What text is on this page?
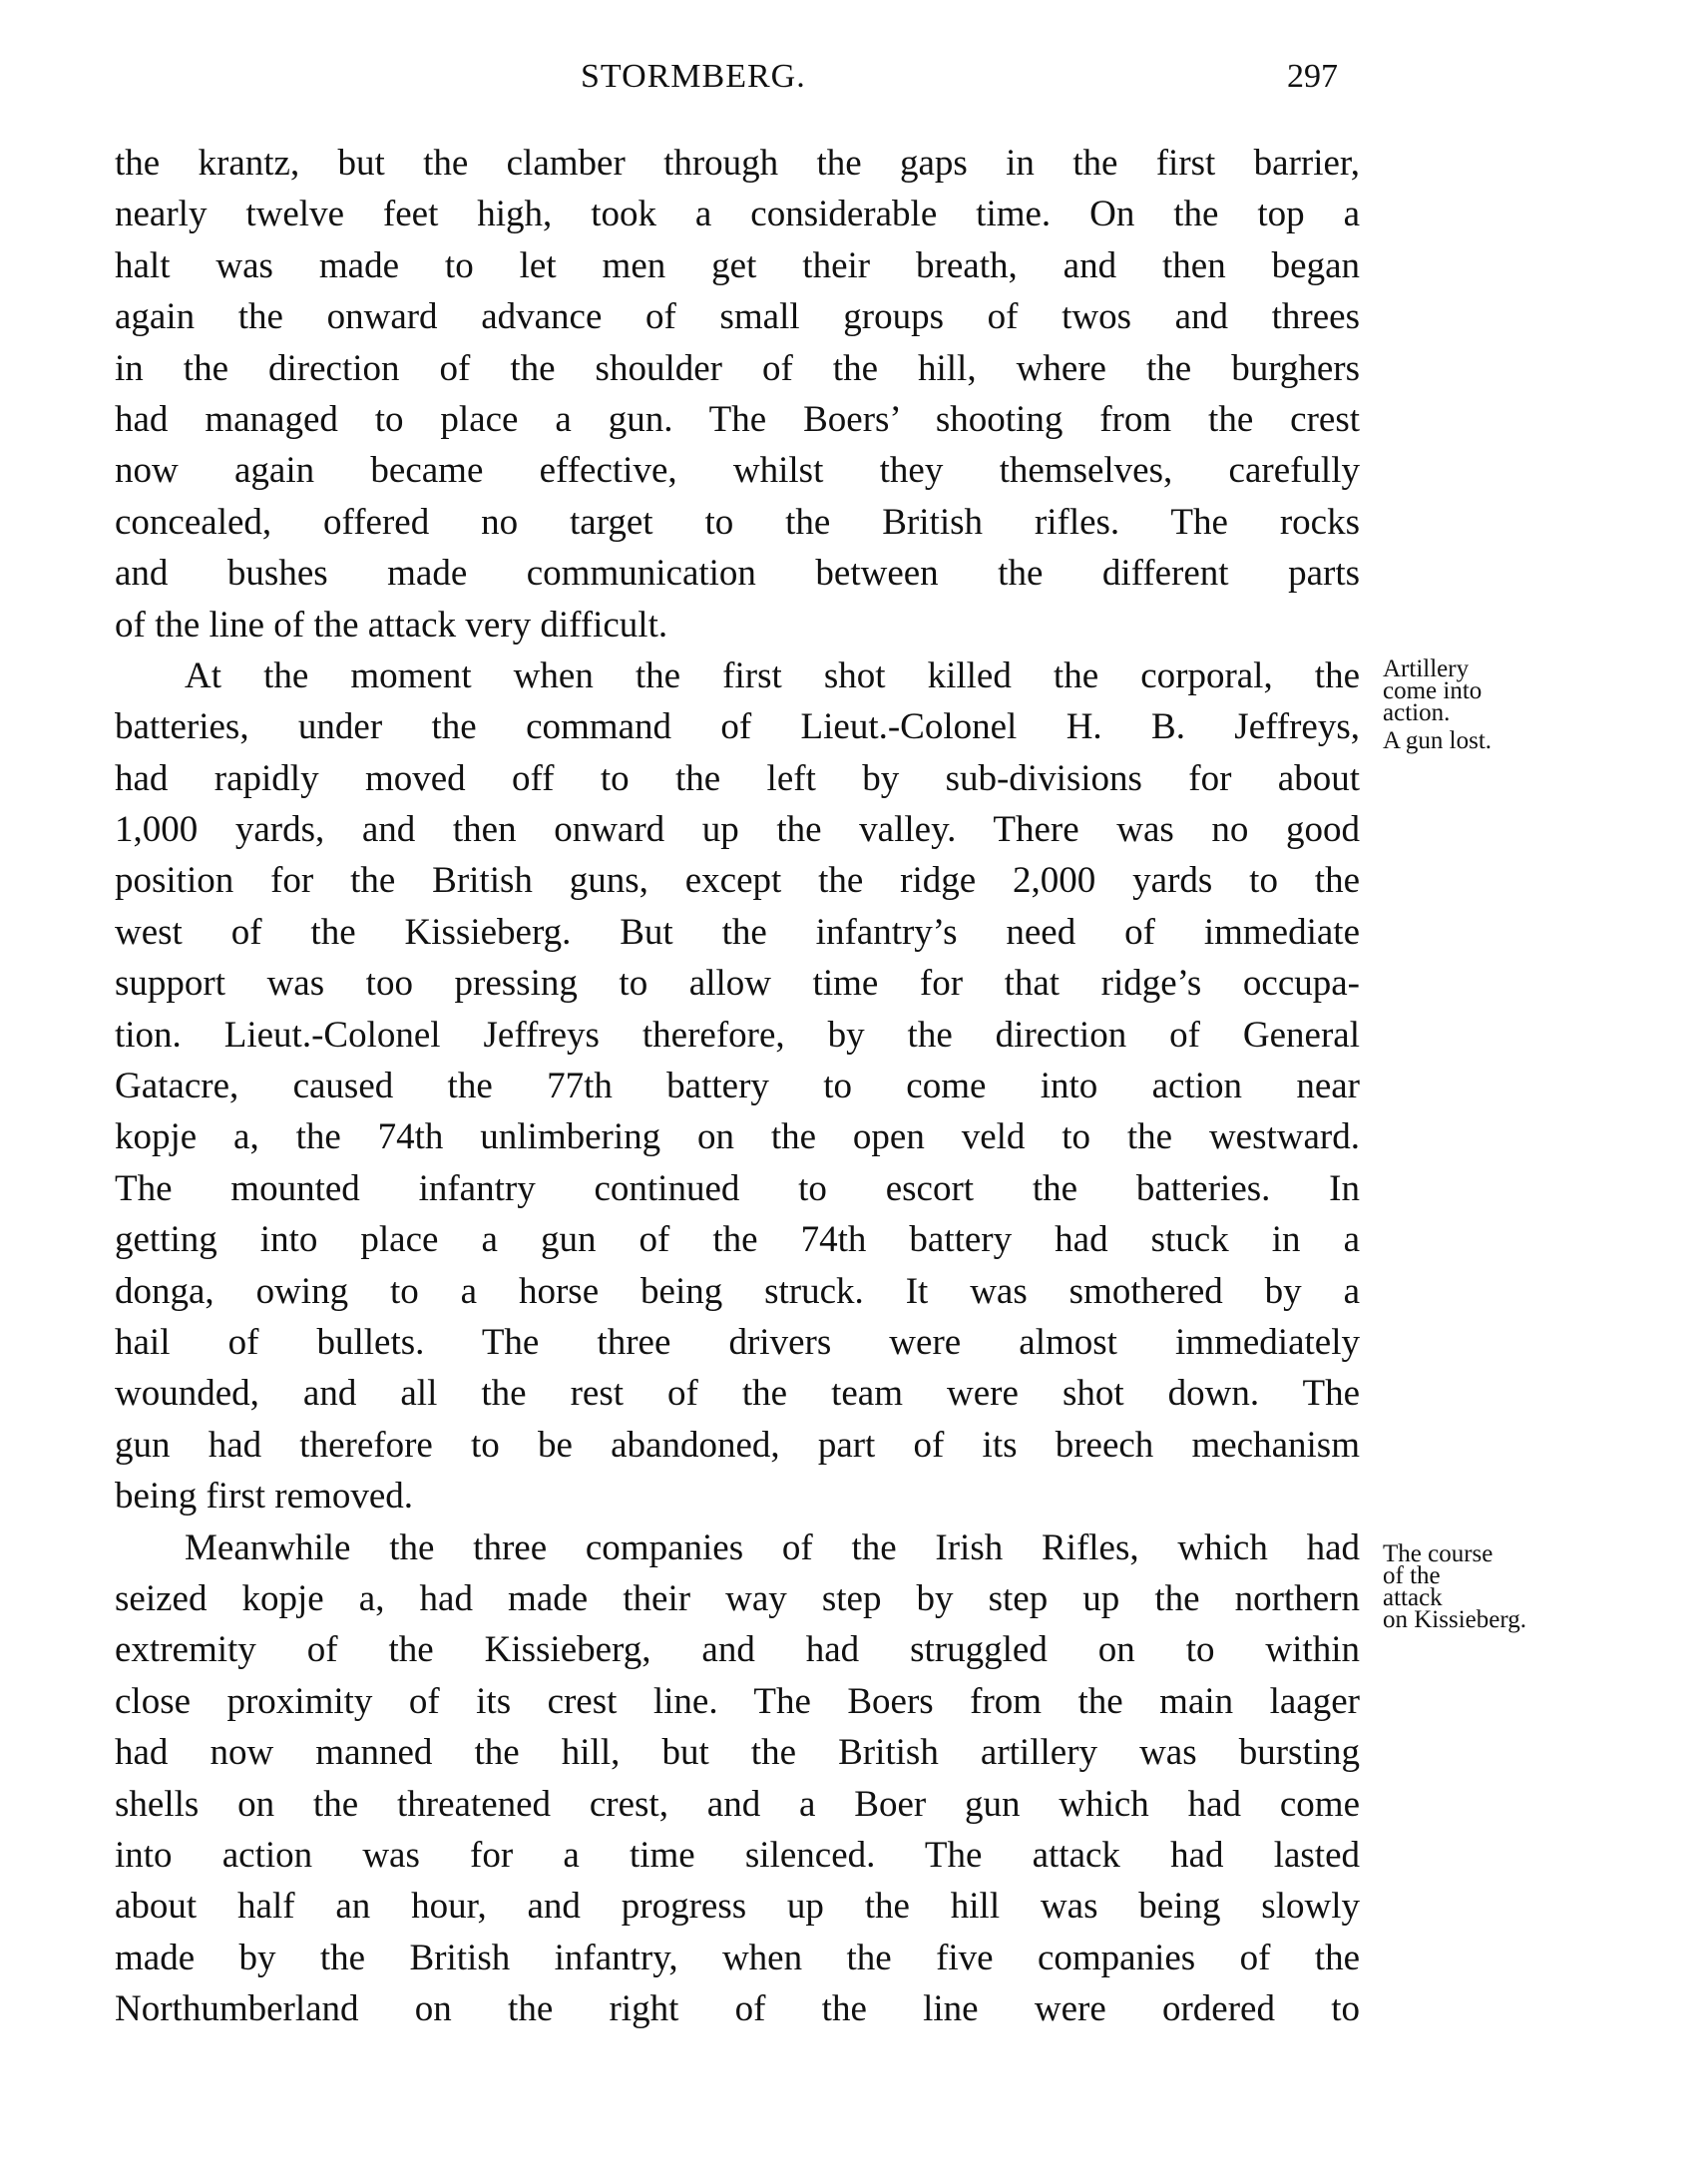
STORMBERG.	297
the krantz, but the clamber through the gaps in the first barrier,
nearly twelve feet high, took a considerable time. On the top a
halt was made to let men get their breath, and then began
again the onward advance of small groups of twos and threes
in the direction of the shoulder of the hill, where the burghers
had managed to place a gun. The Boers’ shooting from the crest
now again became effective, whilst they themselves, carefully
concealed, offered no target to the British rifles. The rocks
and bushes made communication between the different parts
of the line of the attack very difficult.
At the moment when the first shot killed the corporal, the
batteries, under the command of Lieut.-Colonel H. B. Jeffreys,
had rapidly moved off to the left by sub-divisions for about
1,000 yards, and then onward up the valley. There was no good
position for the British guns, except the ridge 2,000 yards to the
west of the Kissieberg. But the infantry’s need of immediate
support was too pressing to allow time for that ridge’s occupa-
tion. Lieut.-Colonel Jeffreys therefore, by the direction of General
Gatacre, caused the 77th battery to come into action near
kopje a, the 74th unlimbering on the open veld to the westward.
The mounted infantry continued to escort the batteries. In
getting into place a gun of the 74th battery had stuck in a
donga, owing to a horse being struck. It was smothered by a
hail of bullets. The three drivers were almost immediately
wounded, and all the rest of the team were shot down. The
gun had therefore to be abandoned, part of its breech mechanism
being first removed.
Meanwhile the three companies of the Irish Rifles, which had
seized kopje a, had made their way step by step up the northern
extremity of the Kissieberg, and had struggled on to within
close proximity of its crest line. The Boers from the main laager
had now manned the hill, but the British artillery was bursting
shells on the threatened crest, and a Boer gun which had come
into action was for a time silenced. The attack had lasted
about half an hour, and progress up the hill was being slowly
made by the British infantry, when the five companies of the
Northumberland on the right of the line were ordered to
Artillery
come into
action.
A gun lost.
The course
of the
attack
on Kissieberg.
